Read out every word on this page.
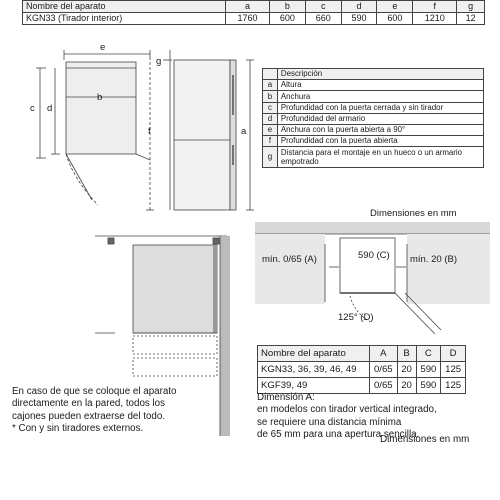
Nombre del aparato	a	b	c	d	e	f	g
KGN33 (Tirador interior)	1760	600	660	590	600	1210	12
e
b
c d
g
f	a
	Descripción
a	Altura
b	Anchura
c	Profundidad con la puerta cerrada y sin tirador
d	Profundidad del armario
e	Anchura con la puerta abierta a 90°
f	Profundidad con la puerta abierta
g	Distancia para el montaje en un hueco o un armario empotrado
Dimensiones en mm
mín. 0/65 (A)	590 (C) mín. 20 (B)
125° (D)
Nombre del aparato	A	B	C	D
KGN33, 36, 39, 46, 49	0/65	20	590	125
KGF39, 49	0/65	20	590	125
En caso de que se coloque el aparato
directamente en la pared, todos los
cajones pueden extraerse del todo.
* Con y sin tiradores externos.
Dimensión A:
en modelos con tirador vertical integrado,
se requiere una distancia mínima
de 65 mm para una apertura sencilla.
Dimensiones en mm
